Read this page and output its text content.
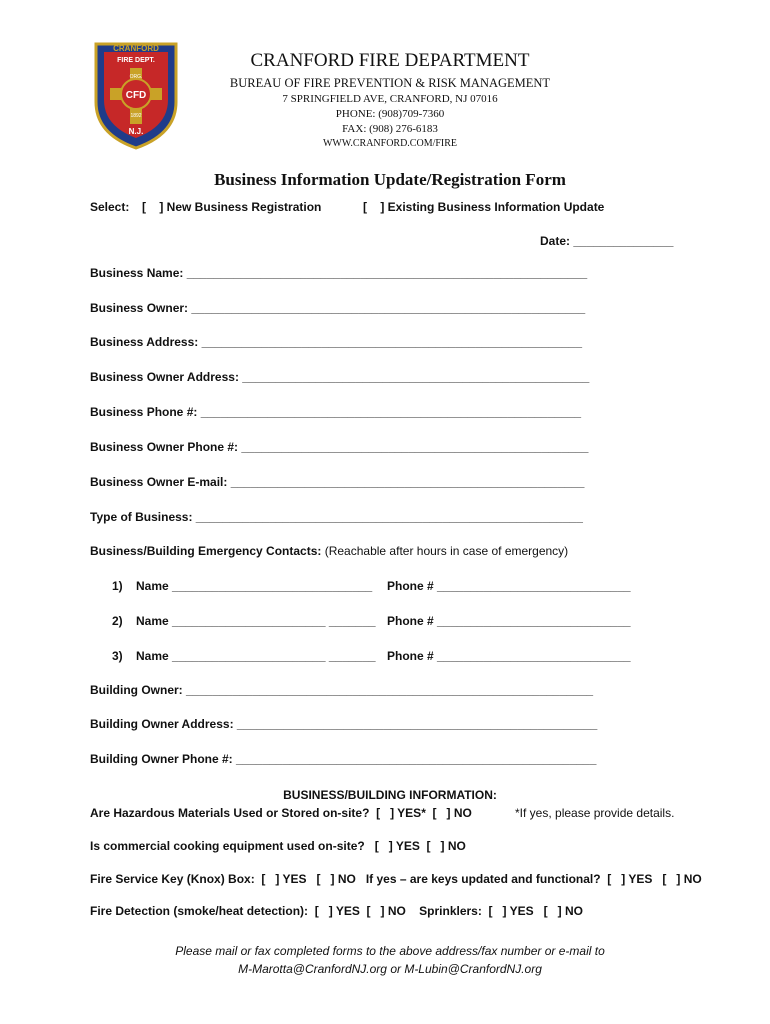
CRANFORD
FIRE DEPT.
CFD
ORG.
1892
N.J.
CRANFORD FIRE DEPARTMENT
BUREAU OF FIRE PREVENTION & RISK MANAGEMENT
7 SPRINGFIELD AVE, CRANFORD, NJ 07016
PHONE: (908)709-7360
FAX: (908) 276-6183
WWW.CRANFORD.COM/FIRE
Business Information Update/Registration Form
Select: [    ] New Business Registration	[    ] Existing Business Information Update
Date: _______________
Business Name: ____________________________________________________________
Business Owner: ___________________________________________________________
Business Address: _________________________________________________________
Business Owner Address: ____________________________________________________
Business Phone #: _________________________________________________________
Business Owner Phone #: ____________________________________________________
Business Owner E-mail: _____________________________________________________
Type of Business: __________________________________________________________
Business/Building Emergency Contacts: (Reachable after hours in case of emergency)
1) Name ______________________________ Phone # _____________________________
2) Name _______________________ _______ Phone # _____________________________
3) Name _______________________ _______ Phone # _____________________________
Building Owner: _____________________________________________________________
Building Owner Address: ______________________________________________________
Building Owner Phone #: ______________________________________________________
BUSINESS/BUILDING INFORMATION:
Are Hazardous Materials Used or Stored on-site?  [   ] YES*  [   ] NO	*If yes, please provide details.
Is commercial cooking equipment used on-site?   [   ] YES  [   ] NO
Fire Service Key (Knox) Box:  [   ] YES   [   ] NO   If yes – are keys updated and functional?  [   ] YES   [   ] NO
Fire Detection (smoke/heat detection):  [   ] YES  [   ] NO    Sprinklers:  [   ] YES   [   ] NO
Please mail or fax completed forms to the above address/fax number or e-mail to
M-Marotta@CranfordNJ.org or M-Lubin@CranfordNJ.org
